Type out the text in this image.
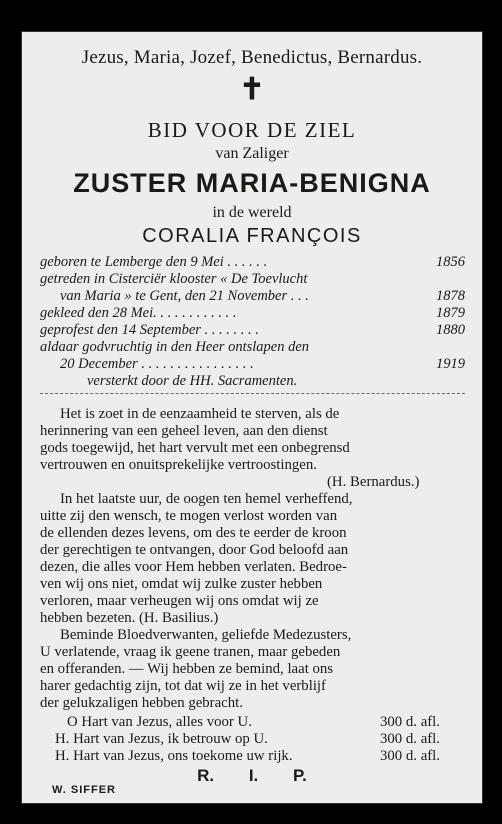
Jezus, Maria, Jozef, Benedictus, Bernardus.
✝
BID VOOR DE ZIEL
van Zaliger
ZUSTER MARIA-BENIGNA
in de wereld
CORALIA FRANÇOIS
geboren te Lemberge den 9 Mei . . . . . .	1856
getreden in Cisterciër klooster « De Toevlucht
van Maria » te Gent, den 21 November . . .	1878
gekleed den 28 Mei. . . . . . . . . . . .	1879
geprofest den 14 September . . . . . . . .	1880
aldaar godvruchtig in den Heer ontslapen den
20 December . . . . . . . . . . . . . . . .	1919
versterkt door de HH. Sacramenten.
Het is zoet in de eenzaamheid te sterven, als de
herinnering van een geheel leven, aan den dienst
gods toegewijd, het hart vervult met een onbegrensd
vertrouwen en onuitsprekelijke vertroostingen.
(H. Bernardus.)
In het laatste uur, de oogen ten hemel verheffend,
uitte zij den wensch, te mogen verlost worden van
de ellenden dezes levens, om des te eerder de kroon
der gerechtigen te ontvangen, door God beloofd aan
dezen, die alles voor Hem hebben verlaten. Bedroe-
ven wij ons niet, omdat wij zulke zuster hebben
verloren, maar verheugen wij ons omdat wij ze
hebben bezeten. (H. Basilius.)
Beminde Bloedverwanten, geliefde Medezusters,
U verlatende, vraag ik geene tranen, maar gebeden
en offeranden. — Wij hebben ze bemind, laat ons
harer gedachtig zijn, tot dat wij ze in het verblijf
der gelukzaligen hebben gebracht.
O Hart van Jezus, alles voor U.	300 d. afl.
H. Hart van Jezus, ik betrouw op U.	300 d. afl.
H. Hart van Jezus, ons toekome uw rijk.	300 d. afl.
R. I. P.
W. SIFFER
